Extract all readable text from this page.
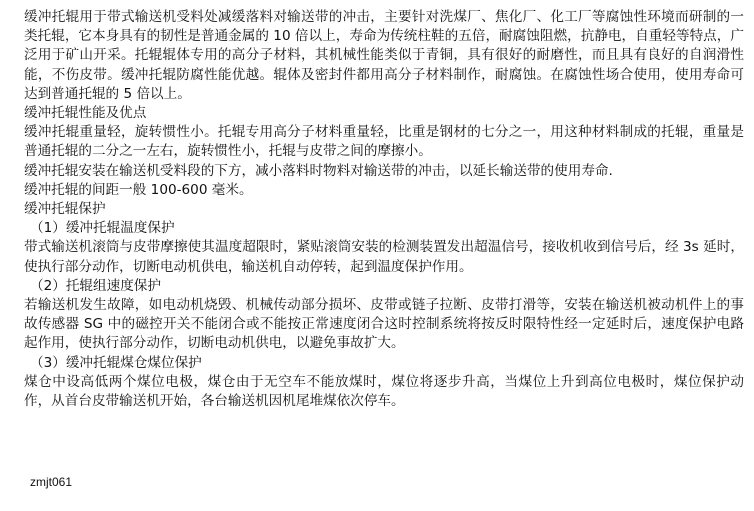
缓冲托辊用于带式输送机受料处减缓落料对输送带的冲击，主要针对洗煤厂、焦化厂、化工厂等腐蚀性环境而研制的一类托辊，它本身具有的韧性是普通金属的 10 倍以上，寿命为传统柱鞋的五倍，耐腐蚀阻燃，抗静电，自重轻等特点，广泛用于矿山开采。托辊辊体专用的高分子材料，其机械性能类似于青铜，具有很好的耐磨性，而且具有良好的自润滑性能，不伤皮带。缓冲托辊防腐性能优越。辊体及密封件都用高分子材料制作，耐腐蚀。在腐蚀性场合使用，使用寿命可达到普通托辊的 5 倍以上。

缓冲托辊性能及优点

缓冲托辊重量轻，旋转惯性小。托辊专用高分子材料重量轻，比重是钢材的七分之一，用这种材料制成的托辊，重量是普通托辊的二分之一左右，旋转惯性小，托辊与皮带之间的摩擦小。

缓冲托辊安装在输送机受料段的下方，减小落料时物料对输送带的冲击，以延长输送带的使用寿命.

缓冲托辊的间距一般 100-600 毫米。

缓冲托辊保护

（1）缓冲托辊温度保护

带式输送机滚筒与皮带摩擦使其温度超限时，紧贴滚筒安装的检测装置发出超温信号，接收机收到信号后，经 3s 延时，使执行部分动作，切断电动机供电，输送机自动停转，起到温度保护作用。

（2）托辊组速度保护

若输送机发生故障，如电动机烧毁、机械传动部分损坏、皮带或链子拉断、皮带打滑等，安装在输送机被动机件上的事故传感器 SG 中的磁控开关不能闭合或不能按正常速度闭合这时控制系统将按反时限特性经一定延时后，速度保护电路起作用，使执行部分动作，切断电动机供电，以避免事故扩大。

（3）缓冲托辊煤仓煤位保护

煤仓中设高低两个煤位电极，煤仓由于无空车不能放煤时，煤位将逐步升高，当煤位上升到高位电极时，煤位保护动作，从首台皮带输送机开始，各台输送机因机尾堆煤依次停车。

zmjt061
